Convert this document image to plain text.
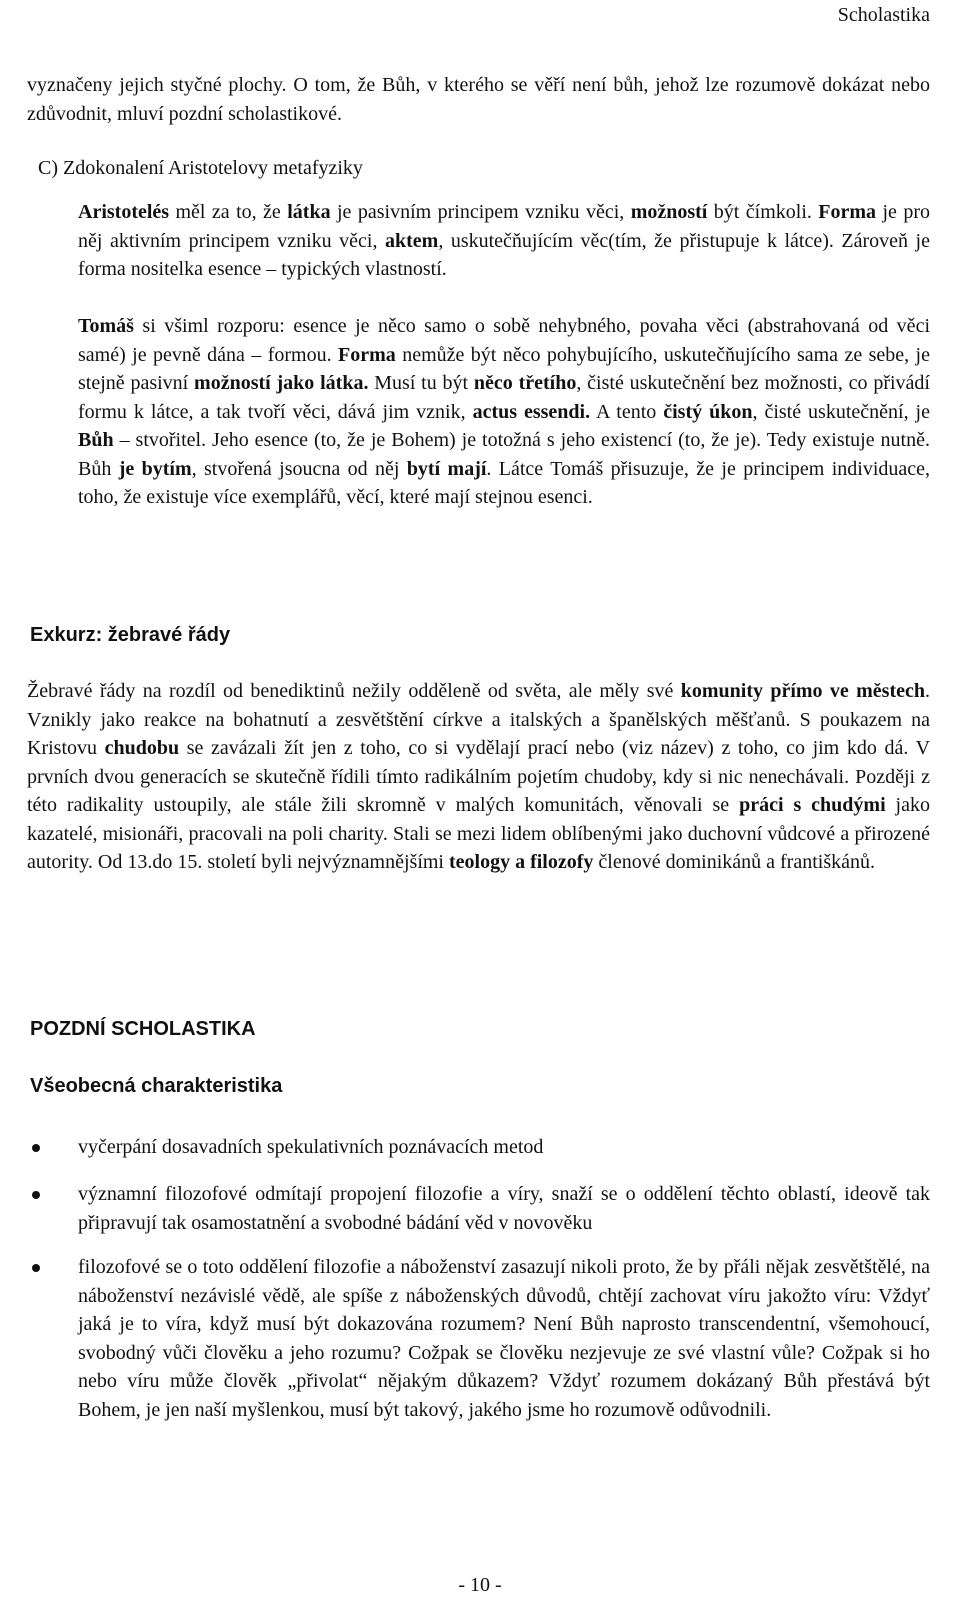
Scholastika

vyznačeny jejich styčné plochy. O tom, že Bůh, v kterého se věří není bůh, jehož lze rozumově dokázat nebo zdůvodnit, mluví pozdní scholastikové.

C) Zdokonalení Aristotelovy metafyziky

Aristotelés měl za to, že látka je pasivním principem vzniku věci, možností být čímkoli. Forma je pro něj aktivním principem vzniku věci, aktem, uskutečňujícím věc(tím, že přistupuje k látce). Zároveň je forma nositelka esence – typických vlastností.

Tomáš si všiml rozporu: esence je něco samo o sobě nehybného, povaha věci (abstrahovaná od věci samé) je pevně dána – formou. Forma nemůže být něco pohybujícího, uskutečňujícího sama ze sebe, je stejně pasivní možností jako látka. Musí tu být něco třetího, čisté uskutečnění bez možnosti, co přivádí formu k látce, a tak tvoří věci, dává jim vznik, actus essendi. A tento čistý úkon, čisté uskutečnění, je Bůh – stvořitel. Jeho esence (to, že je Bohem) je totožná s jeho existencí (to, že je). Tedy existuje nutně. Bůh je bytím, stvořená jsoucna od něj bytí mají. Látce Tomáš přisuzuje, že je principem individuace, toho, že existuje více exemplářů, věcí, které mají stejnou esenci.

Exkurz: žebravé řády

Žebravé řády na rozdíl od benediktinů nežily odděleně od světa, ale měly své komunity přímo ve městech. Vznikly jako reakce na bohatnutí a zesvětštění církve a italských a španělských měšťanů. S poukazem na Kristovu chudobu se zavázali žít jen z toho, co si vydělají prací nebo (viz název) z toho, co jim kdo dá. V prvních dvou generacích se skutečně řídili tímto radikálním pojetím chudoby, kdy si nic nenechávali. Později z této radikality ustoupily, ale stále žili skromně v malých komunitách, věnovali se práci s chudými jako kazatelé, misionáři, pracovali na poli charity. Stali se mezi lidem oblíbenými jako duchovní vůdcové a přirozené autority. Od 13.do 15. století byli nejvýznamnějšími teology a filozofy členové dominikánů a františkánů.

POZDNÍ SCHOLASTIKA

Všeobecná charakteristika

vyčerpání dosavadních spekulativních poznávacích metod
významní filozofové odmítají propojení filozofie a víry, snaží se o oddělení těchto oblastí, ideově tak připravují tak osamostatnění a svobodné bádání věd v novověku
filozofové se o toto oddělení filozofie a náboženství zasazují nikoli proto, že by přáli nějak zesvětštělé, na náboženství nezávislé vědě, ale spíše z náboženských důvodů, chtějí zachovat víru jakožto víru: Vždyť jaká je to víra, když musí být dokazována rozumem? Není Bůh naprosto transcendentní, všemohoucí, svobodný vůči člověku a jeho rozumu? Cožpak se člověku nezjevuje ze své vlastní vůle? Cožpak si ho nebo víru může člověk „přivolat“ nějakým důkazem? Vždyť rozumem dokázaný Bůh přestává být Bohem, je jen naší myšlenkou, musí být takový, jakého jsme ho rozumově odůvodnili.
- 10 -
